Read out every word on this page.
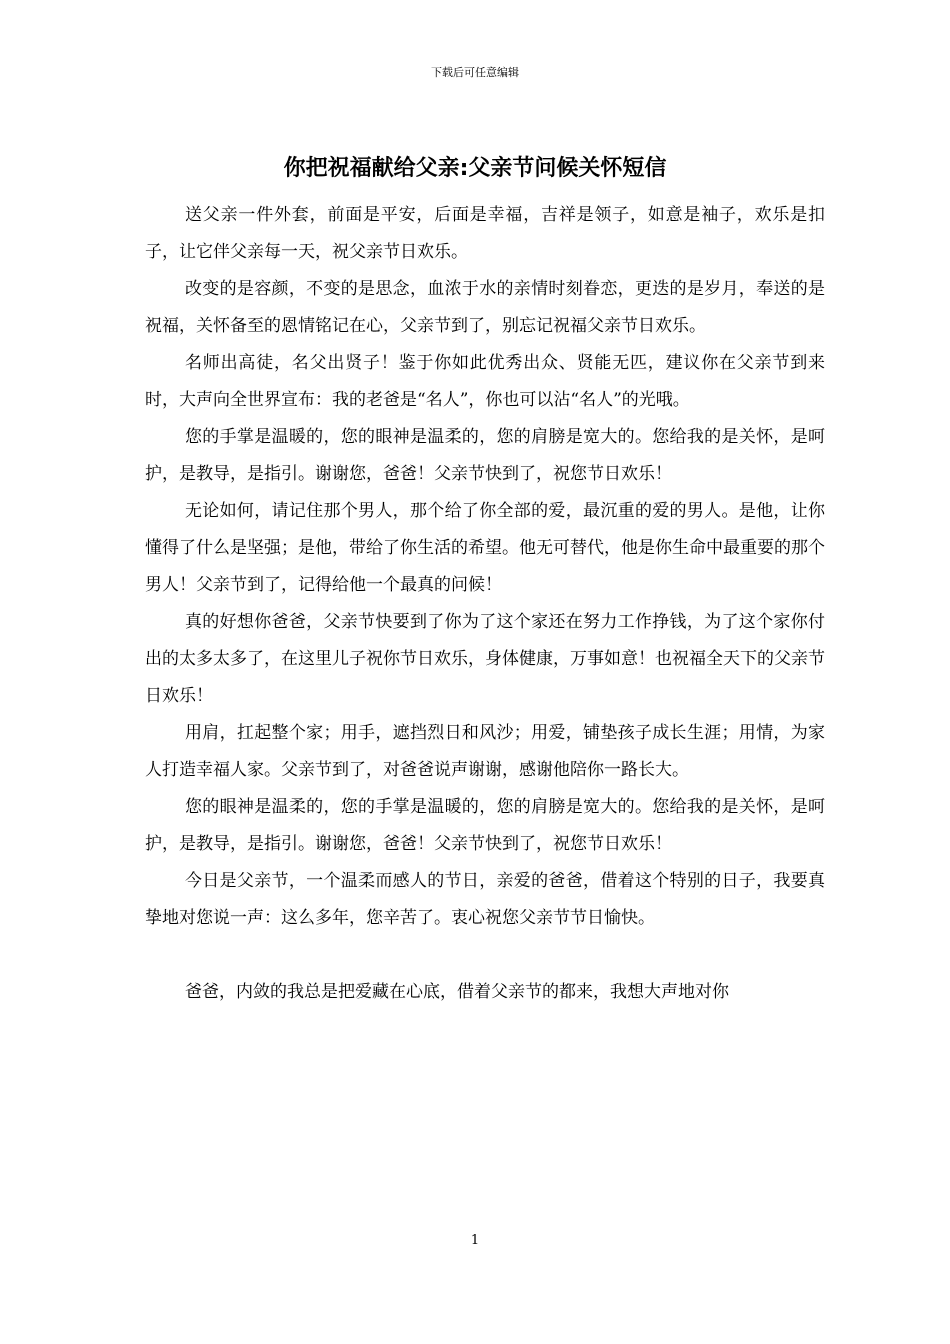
下载后可任意编辑
你把祝福献给父亲:父亲节问候关怀短信

送父亲一件外套，前面是平安，后面是幸福，吉祥是领子，如意是袖子，欢乐是扣子，让它伴父亲每一天，祝父亲节日欢乐。

改变的是容颜，不变的是思念，血浓于水的亲情时刻眷恋，更迭的是岁月，奉送的是祝福，关怀备至的恩情铭记在心，父亲节到了，别忘记祝福父亲节日欢乐。

名师出高徒，名父出贤子！鉴于你如此优秀出众、贤能无匹，建议你在父亲节到来时，大声向全世界宣布：我的老爸是“名人”，你也可以沾“名人”的光哦。

您的手掌是温暖的，您的眼神是温柔的，您的肩膀是宽大的。您给我的是关怀，是呵护，是教导，是指引。谢谢您，爸爸！父亲节快到了，祝您节日欢乐！

无论如何，请记住那个男人，那个给了你全部的爱，最沉重的爱的男人。是他，让你懂得了什么是坚强；是他，带给了你生活的希望。他无可替代，他是你生命中最重要的那个男人！父亲节到了，记得给他一个最真的问候！

真的好想你爸爸，父亲节快要到了你为了这个家还在努力工作挣钱，为了这个家你付出的太多太多了，在这里儿子祝你节日欢乐，身体健康，万事如意！也祝福全天下的父亲节日欢乐！

用肩，扛起整个家；用手，遮挡烈日和风沙；用爱，铺垫孩子成长生涯；用情，为家人打造幸福人家。父亲节到了，对爸爸说声谢谢，感谢他陪你一路长大。

您的眼神是温柔的，您的手掌是温暖的，您的肩膀是宽大的。您给我的是关怀，是呵护，是教导，是指引。谢谢您，爸爸！父亲节快到了，祝您节日欢乐！

今日是父亲节，一个温柔而感人的节日，亲爱的爸爸，借着这个特别的日子，我要真挚地对您说一声：这么多年，您辛苦了。衷心祝您父亲节节日愉快。

爸爸，内敛的我总是把爱藏在心底，借着父亲节的都来，我想大声地对你

1
